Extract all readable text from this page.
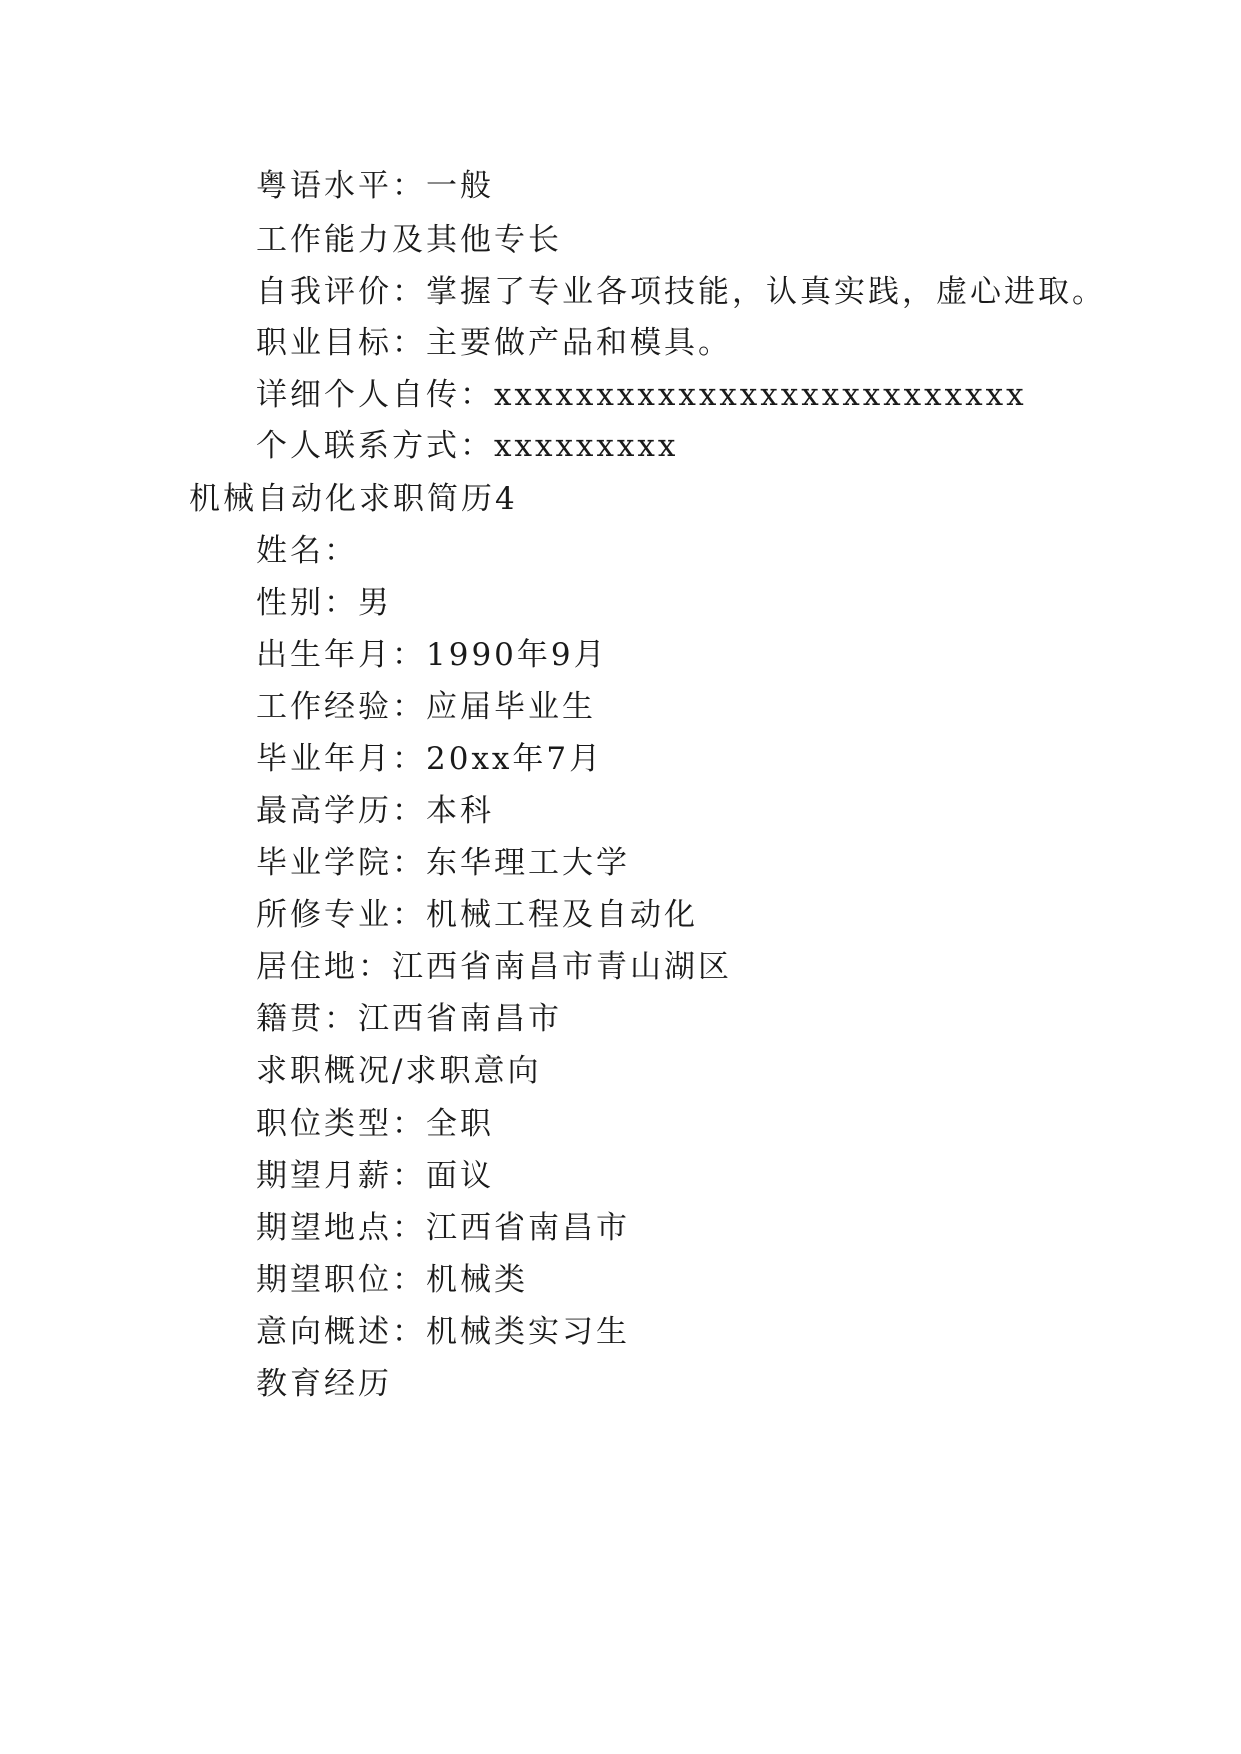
粤语水平：一般
工作能力及其他专长
自我评价：掌握了专业各项技能，认真实践，虚心进取。
职业目标：主要做产品和模具。
详细个人自传：xxxxxxxxxxxxxxxxxxxxxxxxxx
个人联系方式：xxxxxxxxx
机械自动化求职简历4
姓名：
性别：男
出生年月：1990年9月
工作经验：应届毕业生
毕业年月：20xx年7月
最高学历：本科
毕业学院：东华理工大学
所修专业：机械工程及自动化
居住地：江西省南昌市青山湖区
籍贯：江西省南昌市
求职概况/求职意向
职位类型：全职
期望月薪：面议
期望地点：江西省南昌市
期望职位：机械类
意向概述：机械类实习生
教育经历
